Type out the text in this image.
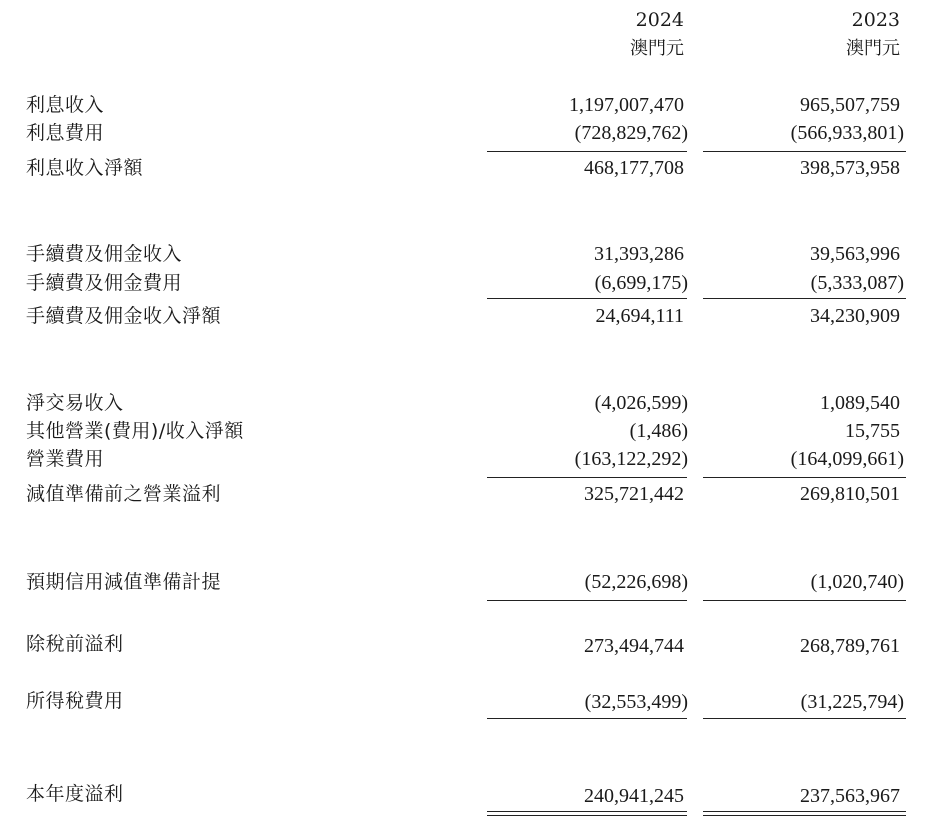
2024	2023
澳門元	澳門元
利息收入	1,197,007,470	965,507,759
利息費用	(728,829,762)	(566,933,801)
利息收入淨額	468,177,708	398,573,958
手續費及佣金收入	31,393,286	39,563,996
手續費及佣金費用	(6,699,175)	(5,333,087)
手續費及佣金收入淨額	24,694,111	34,230,909
淨交易收入	(4,026,599)	1,089,540
其他營業(費用)/收入淨額	(1,486)	15,755
營業費用	(163,122,292)	(164,099,661)
減值準備前之營業溢利	325,721,442	269,810,501
預期信用減值準備計提	(52,226,698)	(1,020,740)
除稅前溢利	273,494,744	268,789,761
所得稅費用	(32,553,499)	(31,225,794)
本年度溢利	240,941,245	237,563,967
